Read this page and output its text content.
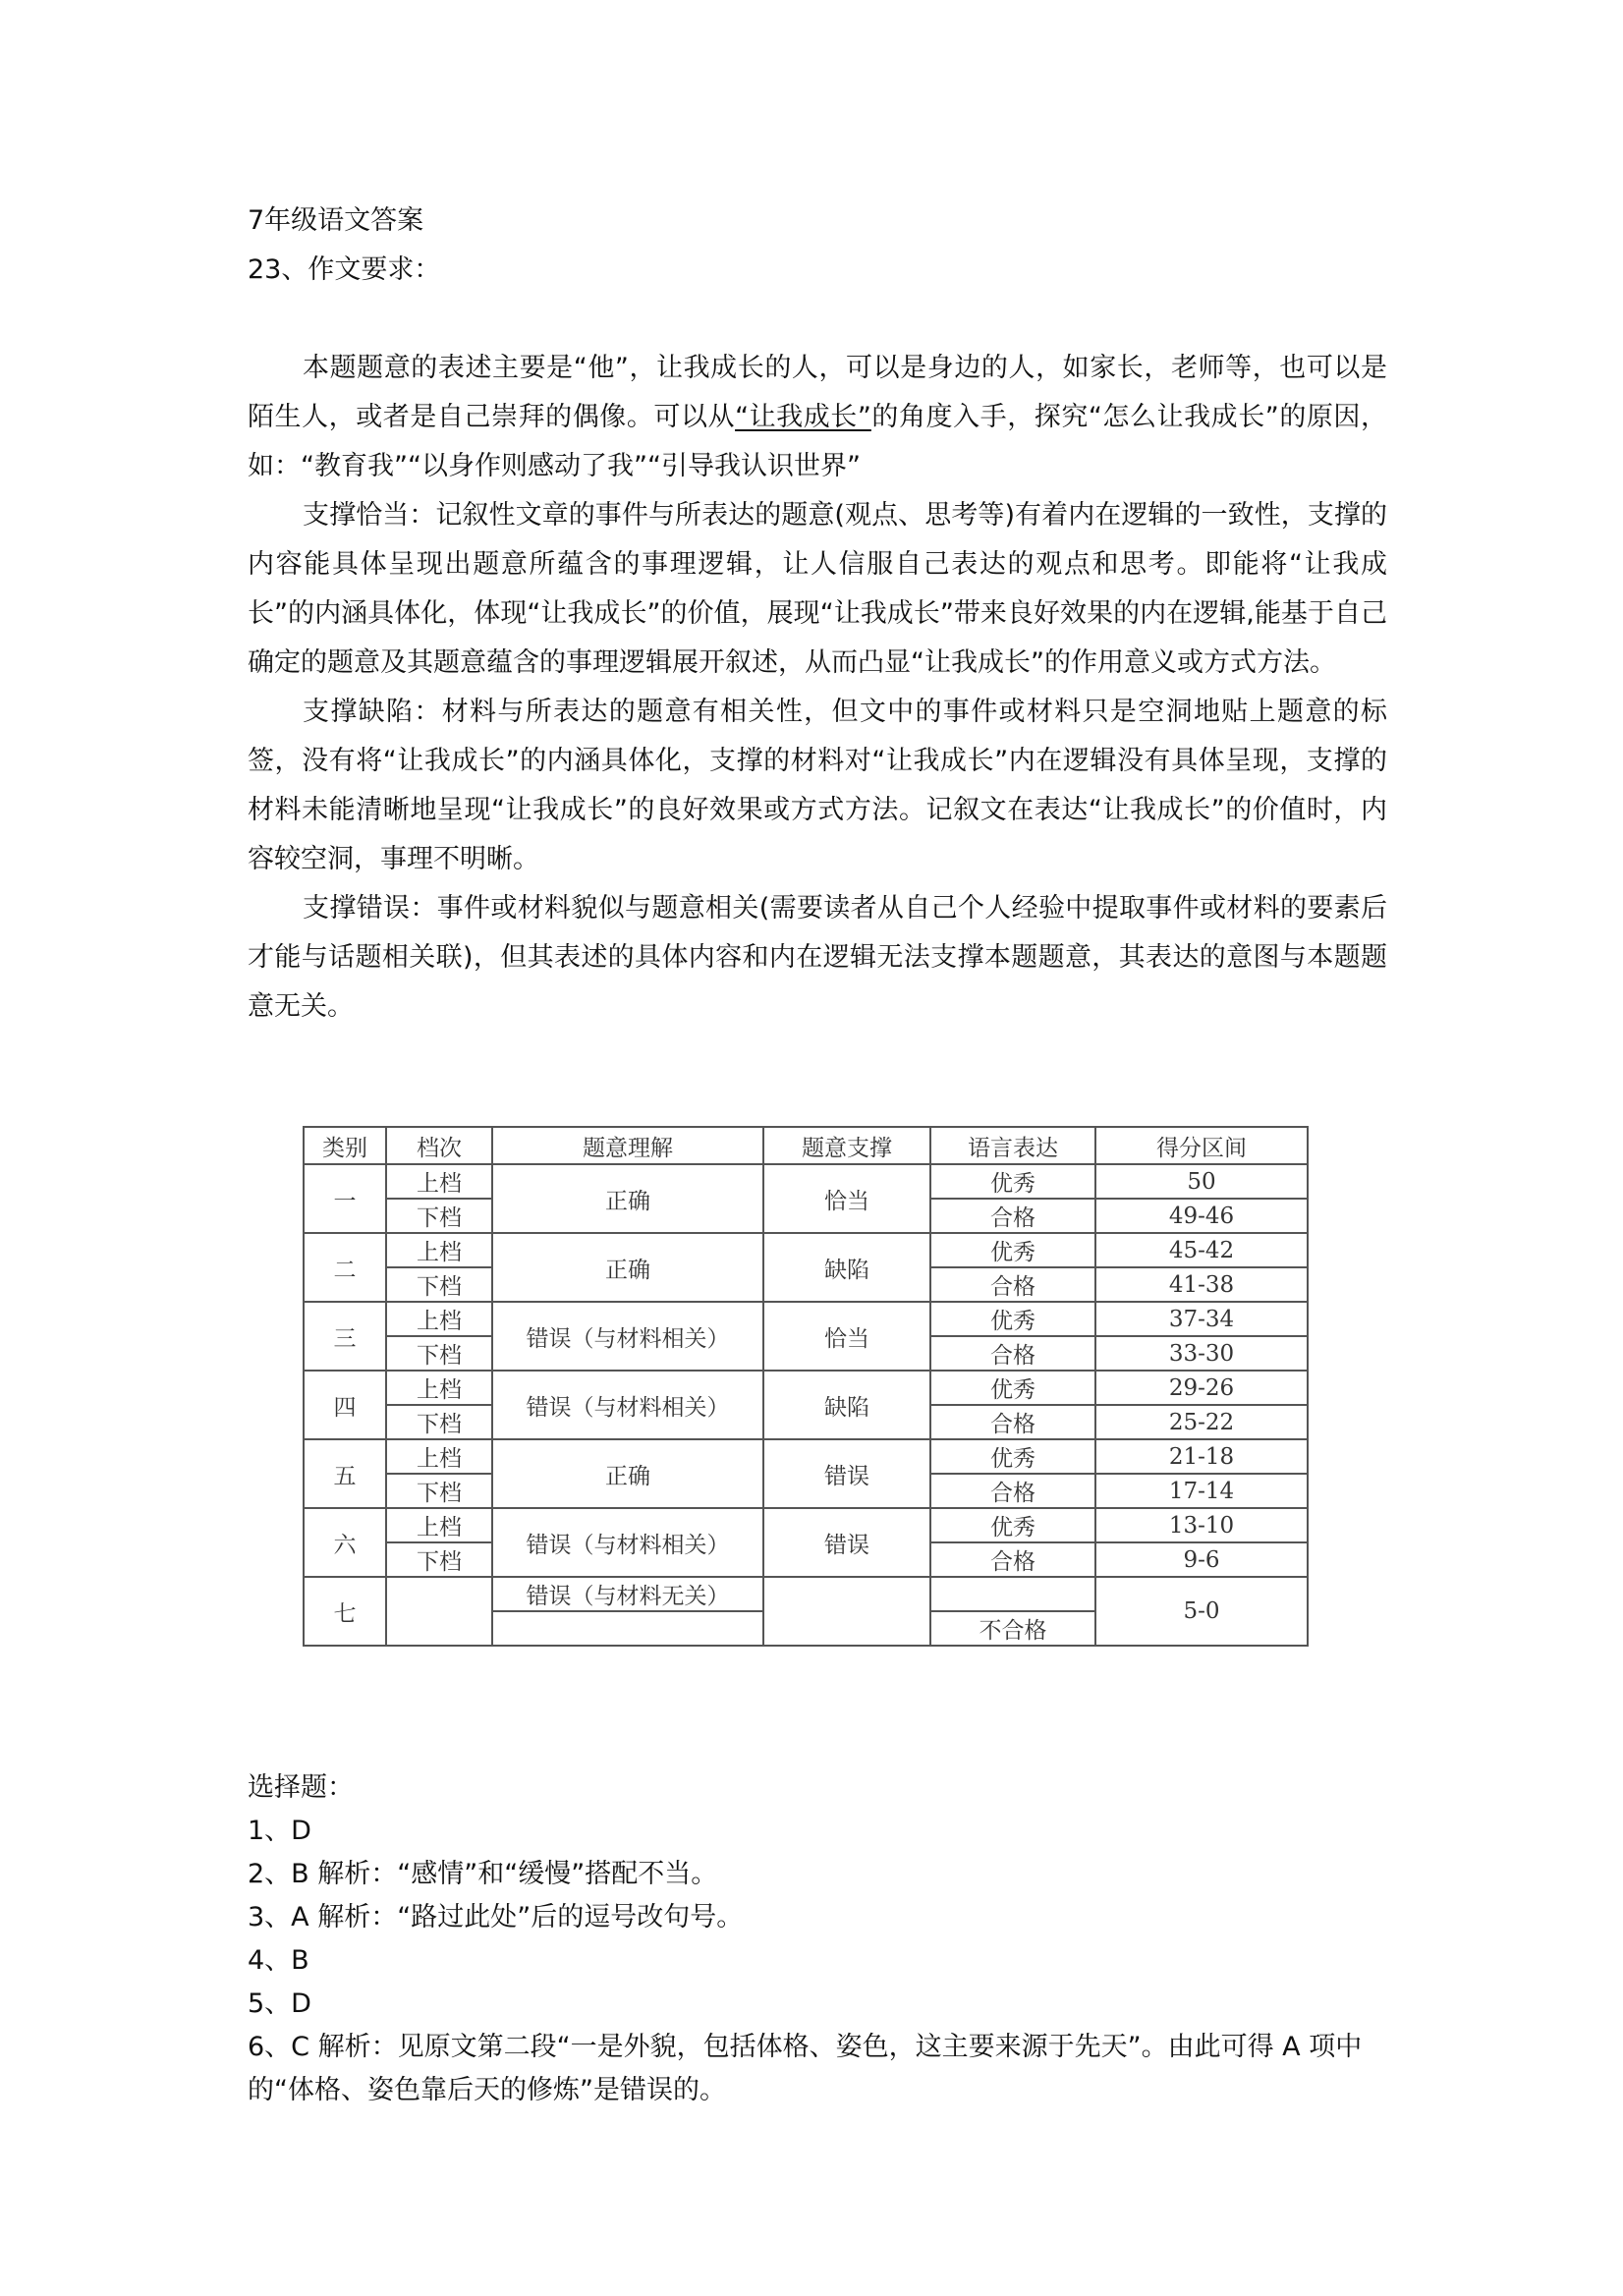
7年级语文答案

23、作文要求：

本题题意的表述主要是“他”，让我成长的人，可以是身边的人，如家长，老师等，也可以是陌生人，或者是自己崇拜的偶像。可以从“让我成长”的角度入手，探究“怎么让我成长”的原因，如：“教育我”“以身作则感动了我”“引导我认识世界”

支撑恰当：记叙性文章的事件与所表达的题意(观点、思考等)有着内在逻辑的一致性，支撑的内容能具体呈现出题意所蕴含的事理逻辑，让人信服自己表达的观点和思考。即能将“让我成长”的内涵具体化，体现“让我成长”的价值，展现“让我成长”带来良好效果的内在逻辑,能基于自己确定的题意及其题意蕴含的事理逻辑展开叙述，从而凸显“让我成长”的作用意义或方式方法。

支撑缺陷：材料与所表达的题意有相关性，但文中的事件或材料只是空洞地贴上题意的标签，没有将“让我成长”的内涵具体化，支撑的材料对“让我成长”内在逻辑没有具体呈现，支撑的材料未能清晰地呈现“让我成长”的良好效果或方式方法。记叙文在表达“让我成长”的价值时，内容较空洞，事理不明晰。

支撑错误：事件或材料貌似与题意相关(需要读者从自己个人经验中提取事件或材料的要素后才能与话题相关联)，但其表述的具体内容和内在逻辑无法支撑本题题意，其表达的意图与本题题意无关。

类别	档次	题意理解	题意支撑	语言表达	得分区间
一	上档	正确	恰当	优秀	50
	下档			合格	49-46
二	上档	正确	缺陷	优秀	45-42
	下档			合格	41-38
三	上档	错误（与材料相关）	恰当	优秀	37-34
	下档			合格	33-30
四	上档	错误（与材料相关）	缺陷	优秀	29-26
	下档			合格	25-22
五	上档	正确	错误	优秀	21-18
	下档			合格	17-14
六	上档	错误（与材料相关）	错误	优秀	13-10
	下档			合格	9-6
七		错误（与材料无关）			5-0
				不合格	

选择题：

1、D

2、B 解析：“感情”和“缓慢”搭配不当。

3、A 解析：“路过此处”后的逗号改句号。

4、B

5、D

6、C 解析：见原文第二段“一是外貌，包括体格、姿色，这主要来源于先天”。由此可得 A 项中的“体格、姿色靠后天的修炼”是错误的。
